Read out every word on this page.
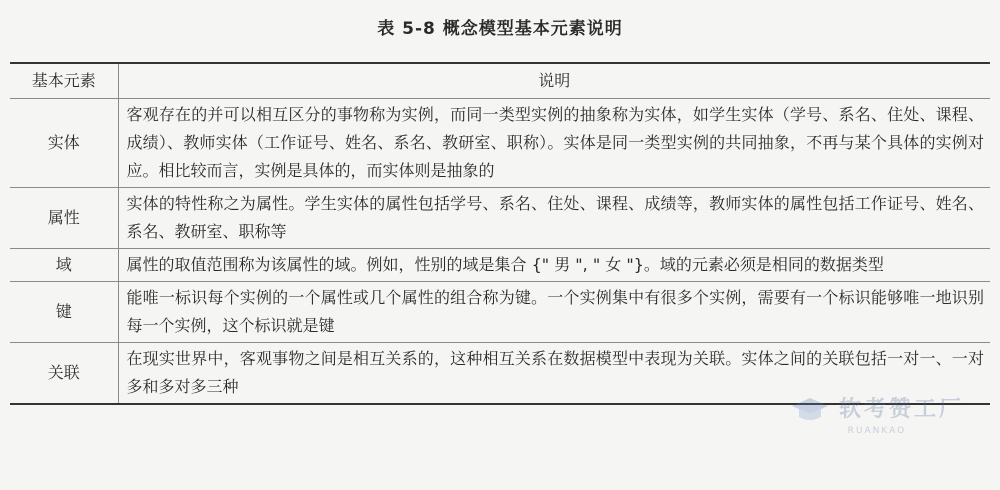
表 5-8 概念模型基本元素说明
基本元素	说明
实体	客观存在的并可以相互区分的事物称为实例，而同一类型实例的抽象称为实体，如学生实体（学号、系名、住处、课程、成绩）、教师实体（工作证号、姓名、系名、教研室、职称）。实体是同一类型实例的共同抽象，不再与某个具体的实例对应。相比较而言，实例是具体的，而实体则是抽象的
属性	实体的特性称之为属性。学生实体的属性包括学号、系名、住处、课程、成绩等，教师实体的属性包括工作证号、姓名、系名、教研室、职称等
域	属性的取值范围称为该属性的域。例如，性别的域是集合 {" 男 ", " 女 "}。域的元素必须是相同的数据类型
键	能唯一标识每个实例的一个属性或几个属性的组合称为键。一个实例集中有很多个实例，需要有一个标识能够唯一地识别每一个实例，这个标识就是键
关联	在现实世界中，客观事物之间是相互关系的，这种相互关系在数据模型中表现为关联。实体之间的关联包括一对一、一对多和多对多三种
软考赞工厂
RUANKAO
